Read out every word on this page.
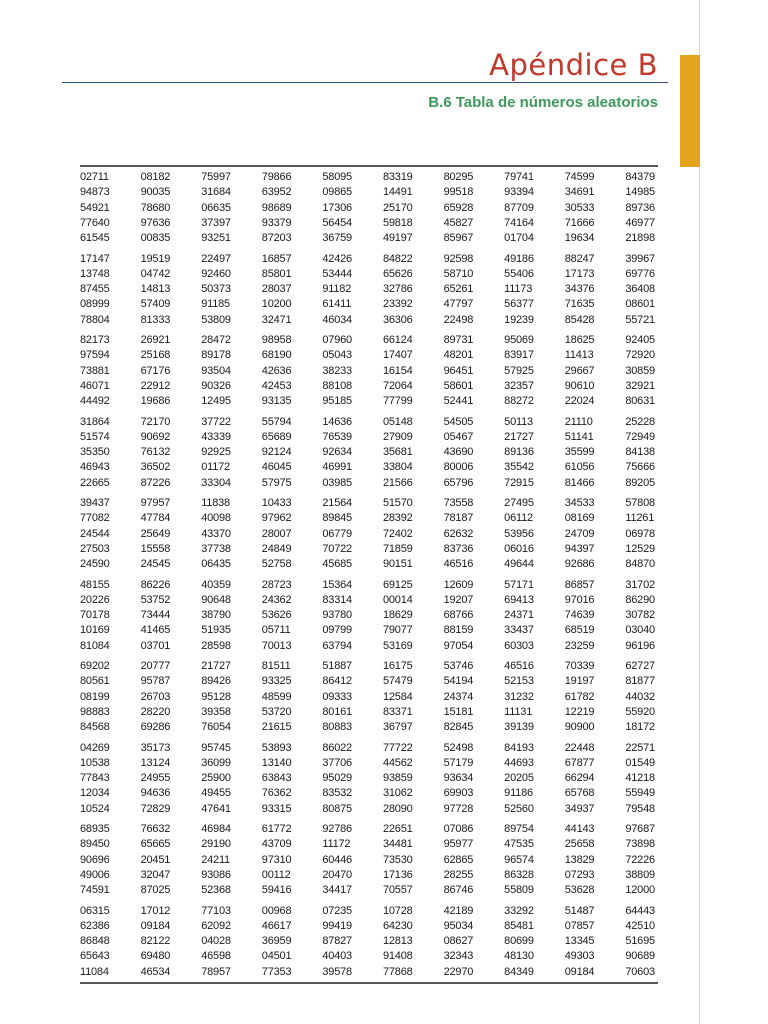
Apéndice B
B.6 Tabla de números aleatorios
02711	08182	75997	79866	58095	83319	80295	79741	74599	84379
94873	90035	31684	63952	09865	14491	99518	93394	34691	14985
54921	78680	06635	98689	17306	25170	65928	87709	30533	89736
77640	97636	37397	93379	56454	59818	45827	74164	71666	46977
61545	00835	93251	87203	36759	49197	85967	01704	19634	21898
17147	19519	22497	16857	42426	84822	92598	49186	88247	39967
13748	04742	92460	85801	53444	65626	58710	55406	17173	69776
87455	14813	50373	28037	91182	32786	65261	11173	34376	36408
08999	57409	91185	10200	61411	23392	47797	56377	71635	08601
78804	81333	53809	32471	46034	36306	22498	19239	85428	55721
82173	26921	28472	98958	07960	66124	89731	95069	18625	92405
97594	25168	89178	68190	05043	17407	48201	83917	11413	72920
73881	67176	93504	42636	38233	16154	96451	57925	29667	30859
46071	22912	90326	42453	88108	72064	58601	32357	90610	32921
44492	19686	12495	93135	95185	77799	52441	88272	22024	80631
31864	72170	37722	55794	14636	05148	54505	50113	21110	25228
51574	90692	43339	65689	76539	27909	05467	21727	51141	72949
35350	76132	92925	92124	92634	35681	43690	89136	35599	84138
46943	36502	01172	46045	46991	33804	80006	35542	61056	75666
22665	87226	33304	57975	03985	21566	65796	72915	81466	89205
39437	97957	11838	10433	21564	51570	73558	27495	34533	57808
77082	47784	40098	97962	89845	28392	78187	06112	08169	11261
24544	25649	43370	28007	06779	72402	62632	53956	24709	06978
27503	15558	37738	24849	70722	71859	83736	06016	94397	12529
24590	24545	06435	52758	45685	90151	46516	49644	92686	84870
48155	86226	40359	28723	15364	69125	12609	57171	86857	31702
20226	53752	90648	24362	83314	00014	19207	69413	97016	86290
70178	73444	38790	53626	93780	18629	68766	24371	74639	30782
10169	41465	51935	05711	09799	79077	88159	33437	68519	03040
81084	03701	28598	70013	63794	53169	97054	60303	23259	96196
69202	20777	21727	81511	51887	16175	53746	46516	70339	62727
80561	95787	89426	93325	86412	57479	54194	52153	19197	81877
08199	26703	95128	48599	09333	12584	24374	31232	61782	44032
98883	28220	39358	53720	80161	83371	15181	11131	12219	55920
84568	69286	76054	21615	80883	36797	82845	39139	90900	18172
04269	35173	95745	53893	86022	77722	52498	84193	22448	22571
10538	13124	36099	13140	37706	44562	57179	44693	67877	01549
77843	24955	25900	63843	95029	93859	93634	20205	66294	41218
12034	94636	49455	76362	83532	31062	69903	91186	65768	55949
10524	72829	47641	93315	80875	28090	97728	52560	34937	79548
68935	76632	46984	61772	92786	22651	07086	89754	44143	97687
89450	65665	29190	43709	11172	34481	95977	47535	25658	73898
90696	20451	24211	97310	60446	73530	62865	96574	13829	72226
49006	32047	93086	00112	20470	17136	28255	86328	07293	38809
74591	87025	52368	59416	34417	70557	86746	55809	53628	12000
06315	17012	77103	00968	07235	10728	42189	33292	51487	64443
62386	09184	62092	46617	99419	64230	95034	85481	07857	42510
86848	82122	04028	36959	87827	12813	08627	80699	13345	51695
65643	69480	46598	04501	40403	91408	32343	48130	49303	90689
11084	46534	78957	77353	39578	77868	22970	84349	09184	70603
